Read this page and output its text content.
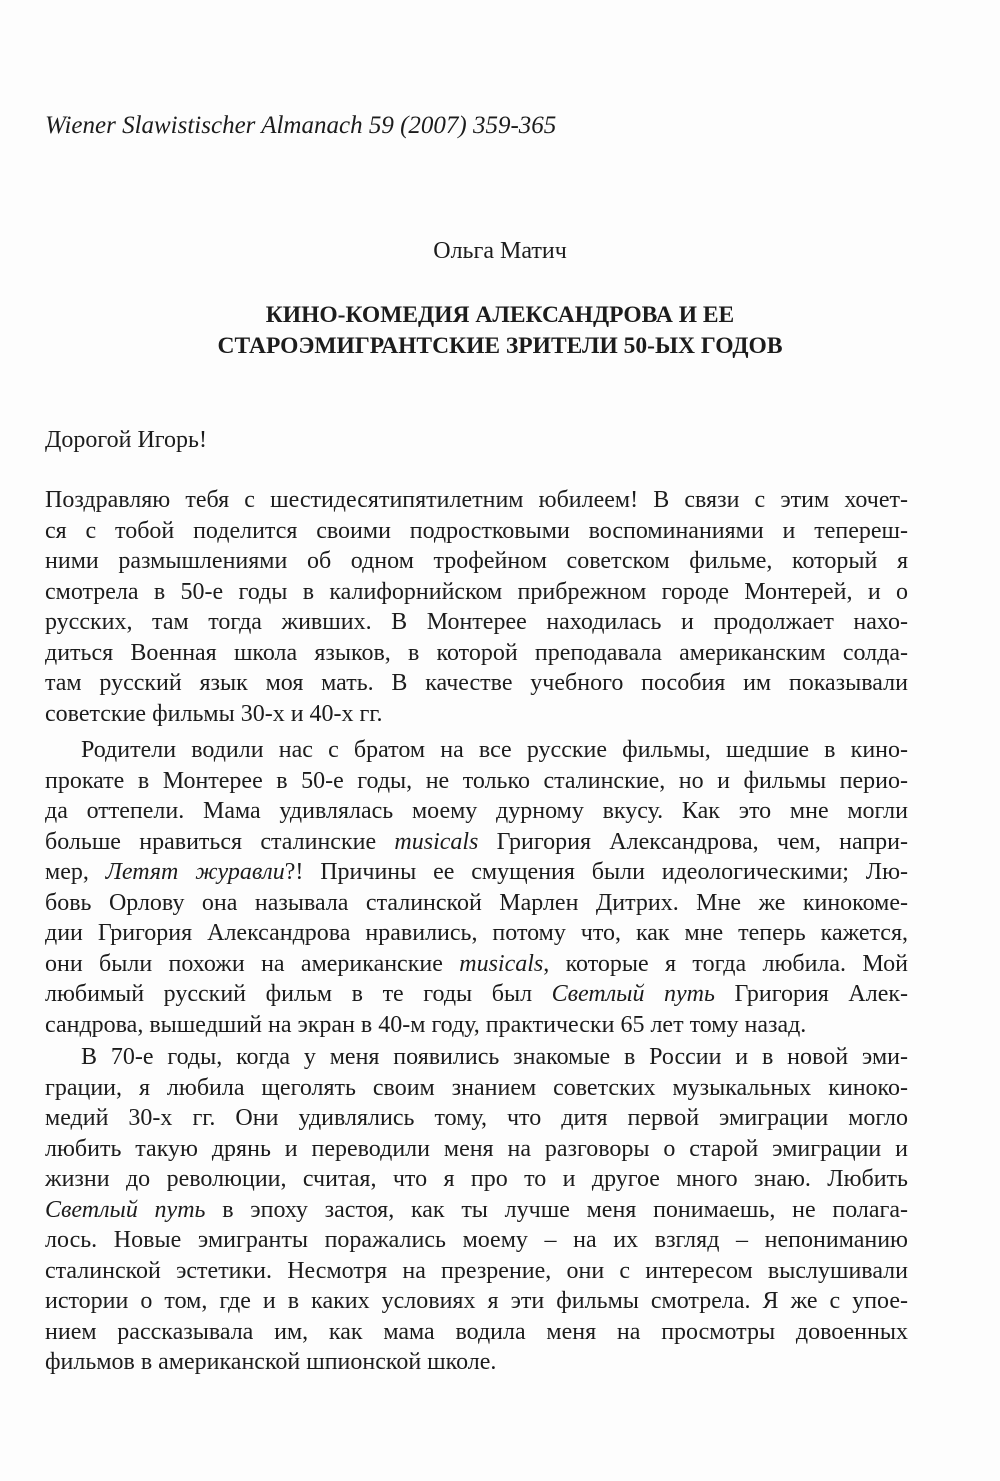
Wiener Slawistischer Almanach 59 (2007) 359-365
Ольга Матич
КИНО-КОМЕДИЯ АЛЕКСАНДРОВА И ЕЕ
СТАРОЭМИГРАНТСКИЕ ЗРИТЕЛИ 50-ЫХ ГОДОВ
Дорогой Игорь!
Поздравляю тебя с шестидесятипятилетним юбилеем! В связи с этим хочет-
ся с тобой поделится своими подростковыми воспоминаниями и теперeш-
ними размышлениями об одном трофейном советском фильме, который я
смотрела в 50-е годы в калифорнийском прибрежном городе Монтерей, и о
русских, там тогда живших. В Монтерее находилась и продолжает нахо-
диться Военная школа языков, в которой преподавала американским солда-
там русский язык моя мать. В качестве учебного пособия им показывали
советские фильмы 30-х и 40-х гг.
Родители водили нас с братом на все русские фильмы, шедшие в кино-
прокате в Монтерее в 50-е годы, не только сталинские, но и фильмы перио-
да оттепели. Мама удивлялась моему дурному вкусу. Как это мне могли
больше нравиться сталинские musicals Григория Александрова, чем, напри-
мер, Летят журавли?! Причины ее смущения были идеологическими; Лю-
бовь Орлову она называла сталинской Марлен Дитрих. Мне же кинокоме-
дии Григория Александрова нравились, потому что, как мне теперь кажется,
они были похожи на американские musicals, которые я тогда любила. Мой
любимый русский фильм в те годы был Светлый путь Григория Алек-
сандрова, вышедший на экран в 40-м году, практически 65 лет тому назад.
В 70-е годы, когда у меня появились знакомые в России и в новой эми-
грации, я любила щеголять своим знанием советских музыкальных киноко-
медий 30-х гг. Они удивлялись тому, что дитя первой эмиграции могло
любить такую дрянь и переводили меня на разговоры о старой эмиграции и
жизни до революции, считая, что я про то и другое много знаю. Любить
Светлый путь в эпоху застоя, как ты лучше меня понимаешь, не полага-
лось. Новые эмигранты поражались моему – на их взгляд – непониманию
сталинской эстетики. Несмотря на презрение, они с интересом выслушивали
истории о том, где и в каких условиях я эти фильмы смотрела. Я же с упое-
нием рассказывала им, как мама водила меня на просмотры довоенных
фильмов в американской шпионской школе.
